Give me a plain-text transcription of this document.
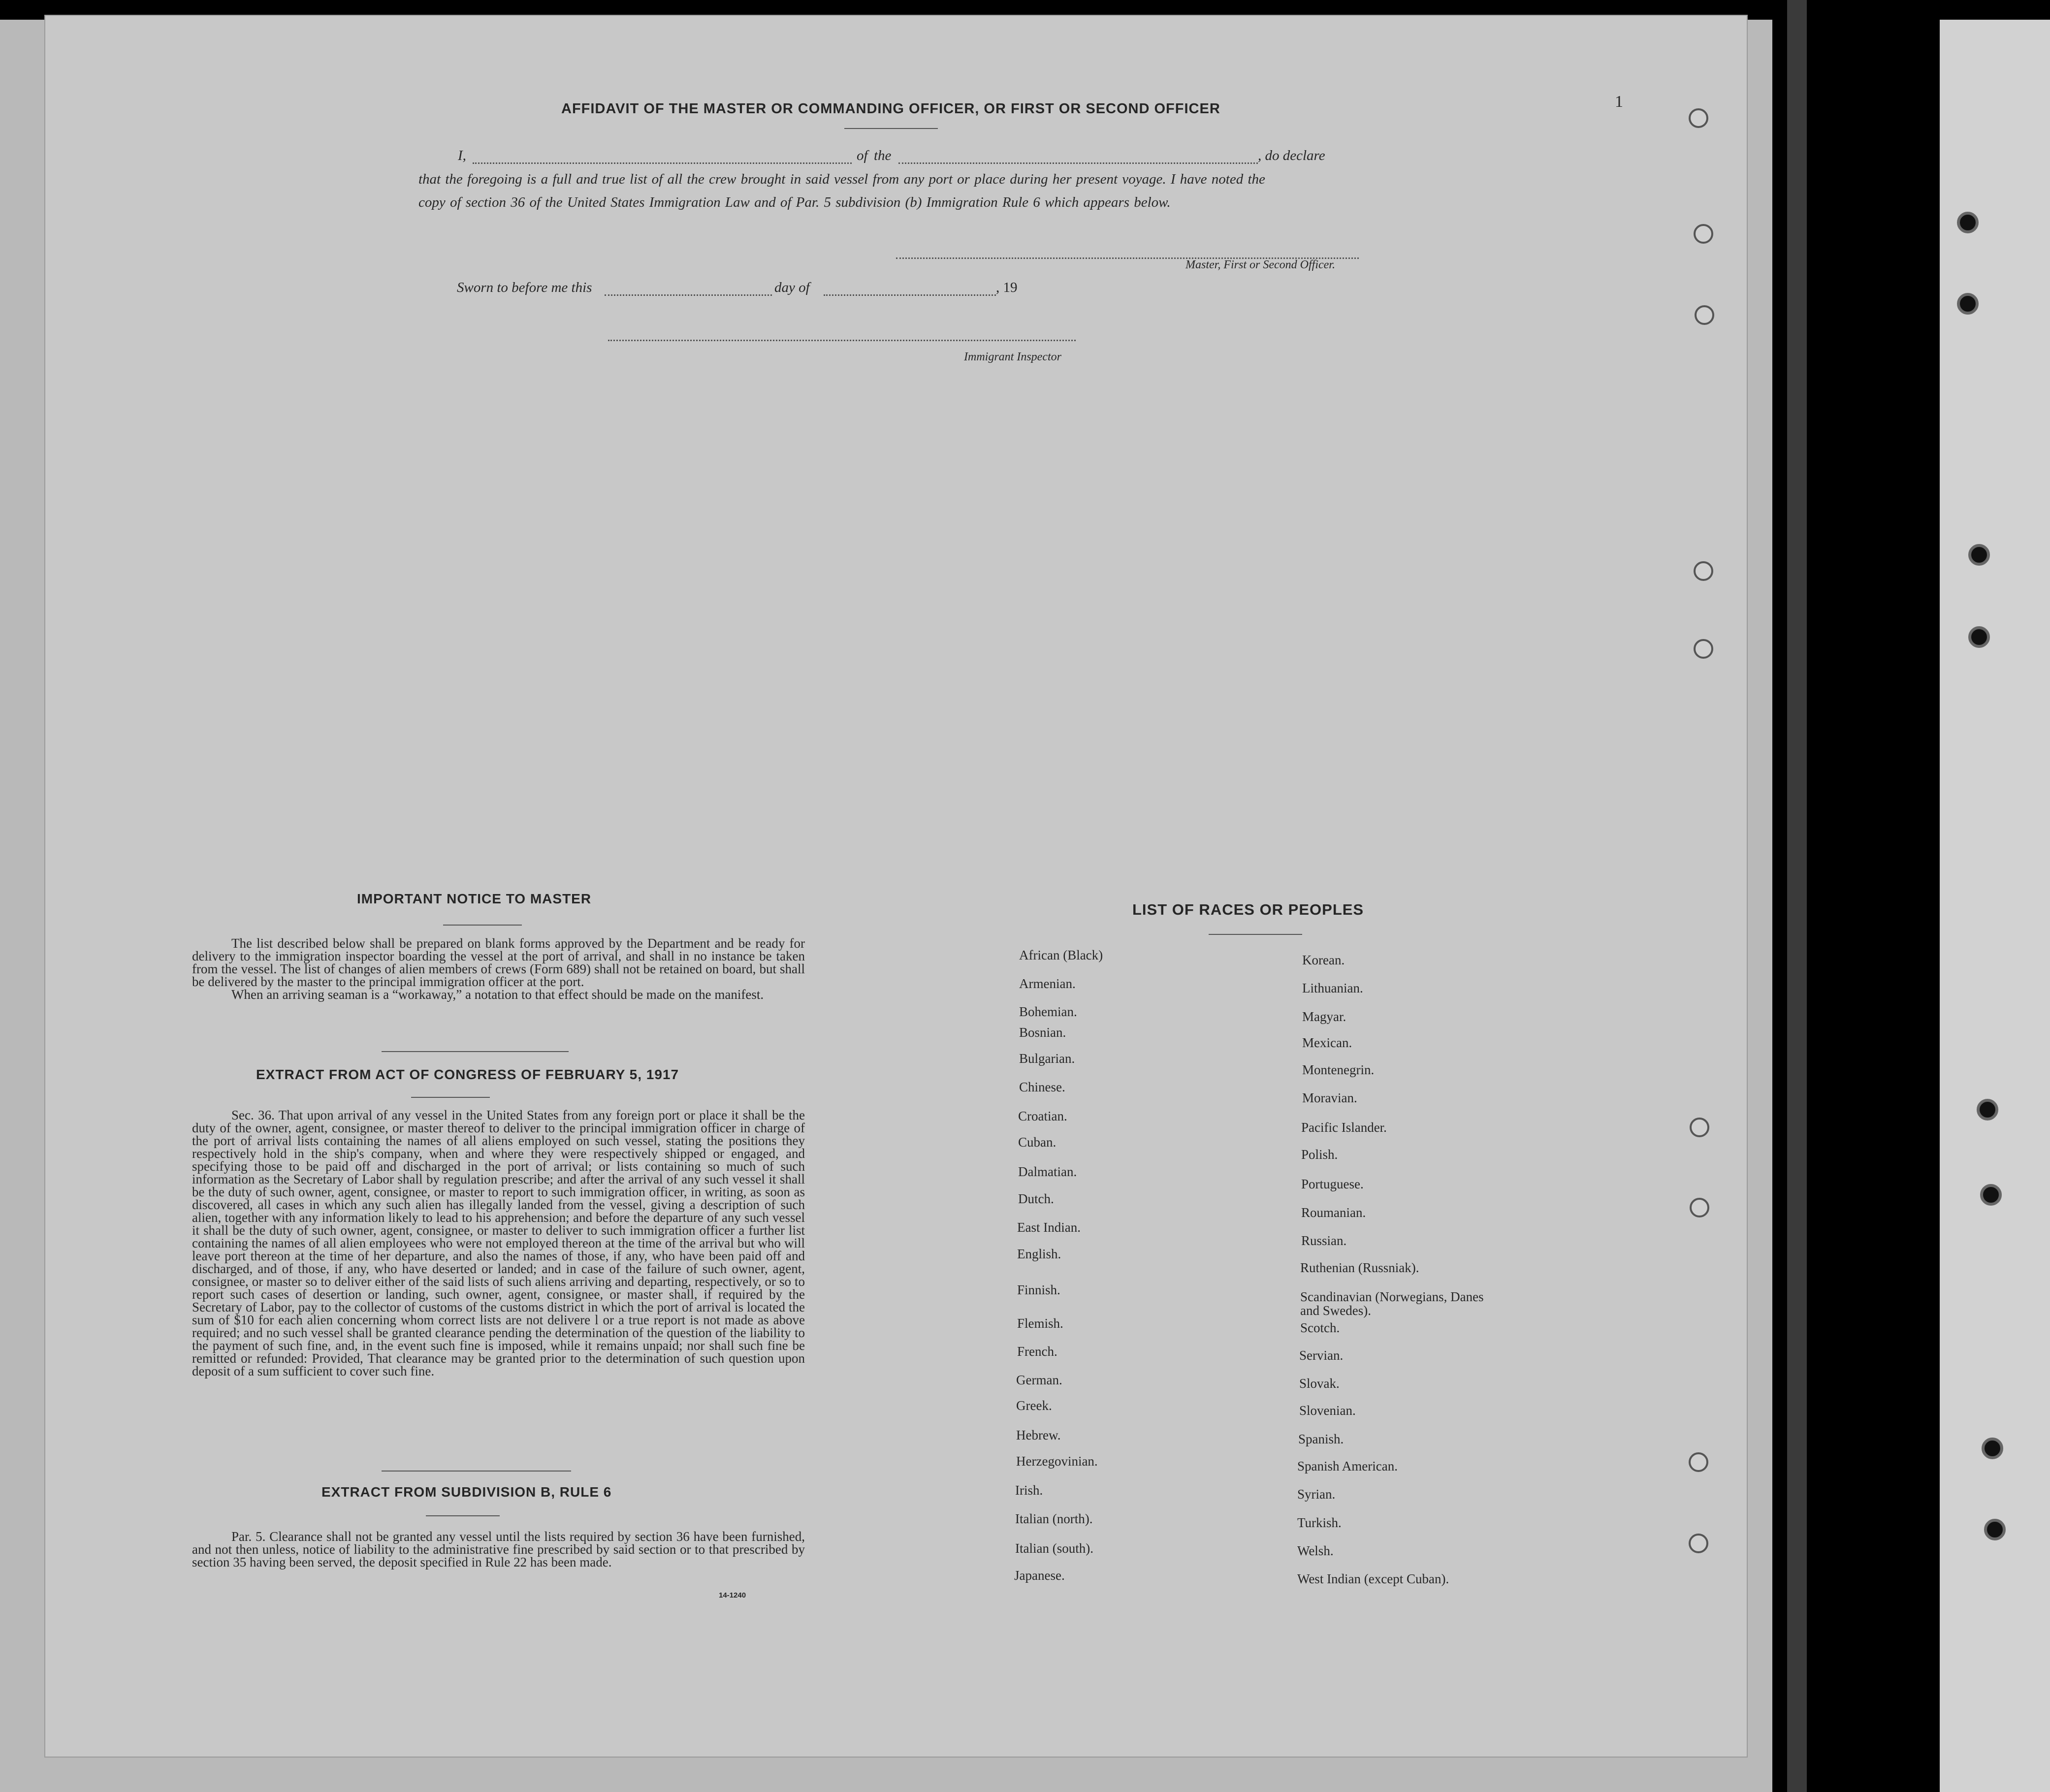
AFFIDAVIT OF THE MASTER OR COMMANDING OFFICER, OR FIRST OR SECOND OFFICER	1
I,	of the	, do declare
that the foregoing is a full and true list of all the crew brought in said vessel from any port or place during her present voyage. I have noted the
copy of section 36 of the United States Immigration Law and of Par. 5 subdivision (b) Immigration Rule 6 which appears below.
Master, First or Second Officer.
Sworn to before me this	day of	, 19
Immigrant Inspector
IMPORTANT NOTICE TO MASTER

The list described below shall be prepared on blank forms approved by the Department and be ready for delivery to the immigration inspector boarding the vessel at the port of arrival, and shall in no instance be taken from the vessel. The list of changes of alien members of crews (Form 689) shall not be retained on board, but shall be delivered by the master to the principal immigration officer at the port.

When an arriving seaman is a “workaway,” a notation to that effect should be made on the manifest.

EXTRACT FROM ACT OF CONGRESS OF FEBRUARY 5, 1917

Sec. 36. That upon arrival of any vessel in the United States from any foreign port or place it shall be the duty of the owner, agent, consignee, or master thereof to deliver to the principal immigration officer in charge of the port of arrival lists containing the names of all aliens employed on such vessel, stating the positions they respectively hold in the ship's company, when and where they were respectively shipped or engaged, and specifying those to be paid off and discharged in the port of arrival; or lists containing so much of such information as the Secretary of Labor shall by regulation prescribe; and after the arrival of any such vessel it shall be the duty of such owner, agent, consignee, or master to report to such immigration officer, in writing, as soon as discovered, all cases in which any such alien has illegally landed from the vessel, giving a description of such alien, together with any information likely to lead to his apprehension; and before the departure of any such vessel it shall be the duty of such owner, agent, consignee, or master to deliver to such immigration officer a further list containing the names of all alien employees who were not employed thereon at the time of the arrival but who will leave port thereon at the time of her departure, and also the names of those, if any, who have been paid off and discharged, and of those, if any, who have deserted or landed; and in case of the failure of such owner, agent, consignee, or master so to deliver either of the said lists of such aliens arriving and departing, respectively, or so to report such cases of desertion or landing, such owner, agent, consignee, or master shall, if required by the Secretary of Labor, pay to the collector of customs of the customs district in which the port of arrival is located the sum of $10 for each alien concerning whom correct lists are not delivere l or a true report is not made as above required; and no such vessel shall be granted clearance pending the determination of the question of the liability to the payment of such fine, and, in the event such fine is imposed, while it remains unpaid; nor shall such fine be remitted or refunded: Provided, That clearance may be granted prior to the determination of such question upon deposit of a sum sufficient to cover such fine.

EXTRACT FROM SUBDIVISION B, RULE 6

Par. 5. Clearance shall not be granted any vessel until the lists required by section 36 have been furnished, and not then unless, notice of liability to the administrative fine prescribed by said section or to that prescribed by section 35 having been served, the deposit specified in Rule 22 has been made.

14-1240
LIST OF RACES OR PEOPLES
African (Black)
Armenian.
Bohemian.
Bosnian.
Bulgarian.
Chinese.
Croatian.
Cuban.
Dalmatian.
Dutch.
East Indian.
English.
Finnish.
Flemish.
French.
German.
Greek.
Hebrew.
Herzegovinian.
Irish.
Italian (north).
Italian (south).
Japanese.
Korean.
Lithuanian.
Magyar.
Mexican.
Montenegrin.
Moravian.
Pacific Islander.
Polish.
Portuguese.
Roumanian.
Russian.
Ruthenian (Russniak).
Scandinavian (Norwegians, Danes and Swedes).
Scotch.
Servian.
Slovak.
Slovenian.
Spanish.
Spanish American.
Syrian.
Turkish.
Welsh.
West Indian (except Cuban).
